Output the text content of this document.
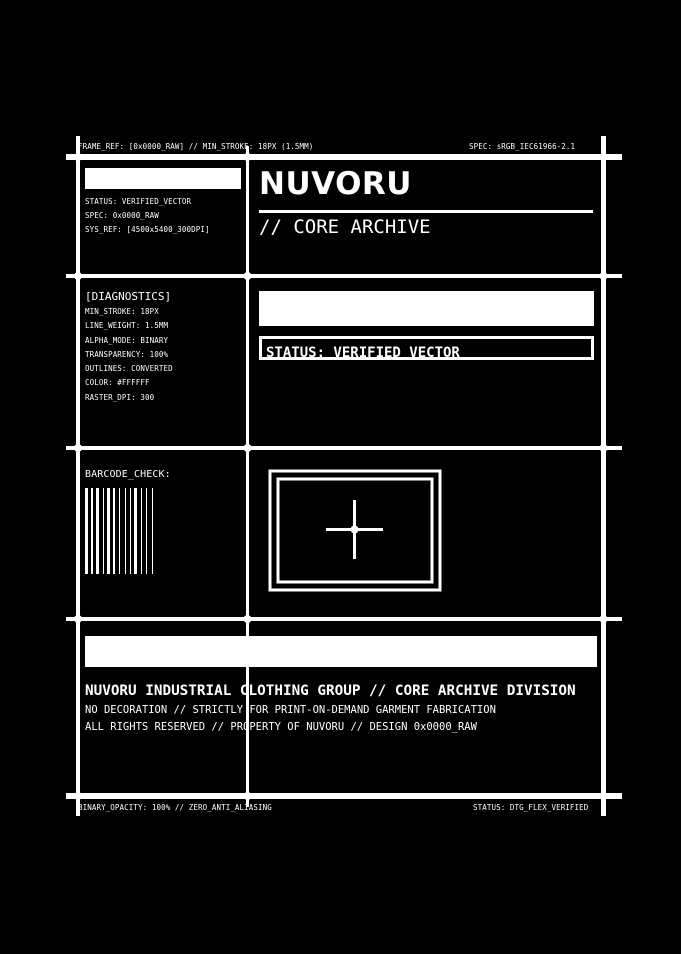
FRAME_REF: [0x0000_RAW] // MIN_STROKE: 18PX (1.5MM)	SPEC: sRGB_IEC61966-2.1
STATUS: VERIFIED_VECTOR
SPEC: 0x0000_RAW
SYS_REF: [4500x5400_300DPI]
NUVORU
// CORE ARCHIVE
[DIAGNOSTICS]
MIN_STROKE: 18PX
LINE_WEIGHT: 1.5MM
ALPHA_MODE: BINARY
TRANSPARENCY: 100%
OUTLINES: CONVERTED
COLOR: #FFFFFF
RASTER_DPI: 300
STATUS: VERIFIED VECTOR
BARCODE_CHECK:
NUVORU INDUSTRIAL CLOTHING GROUP // CORE ARCHIVE DIVISION
NO DECORATION // STRICTLY FOR PRINT-ON-DEMAND GARMENT FABRICATION
ALL RIGHTS RESERVED // PROPERTY OF NUVORU // DESIGN 0x0000_RAW
BINARY_OPACITY: 100% // ZERO_ANTI_ALIASING	STATUS: DTG_FLEX_VERIFIED
